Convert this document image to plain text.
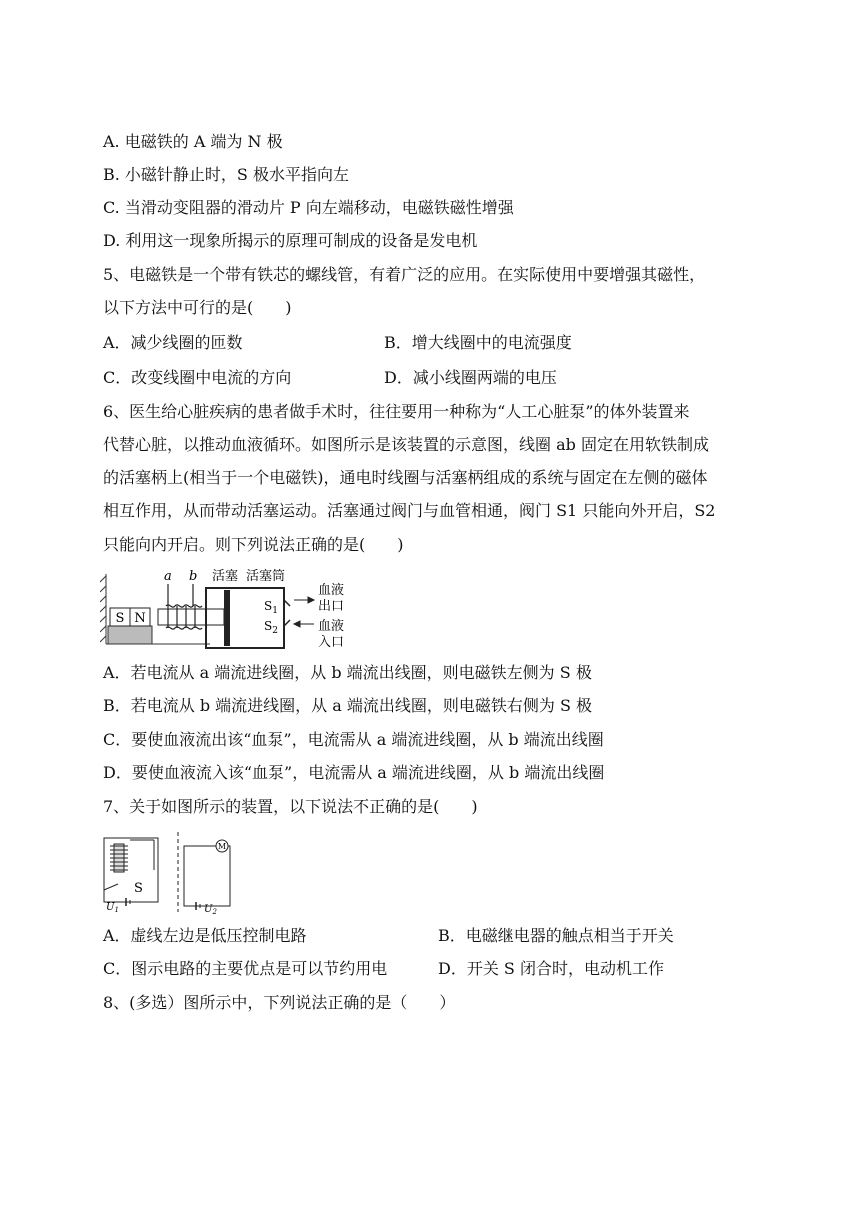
A. 电磁铁的 A 端为 N 极
B. 小磁针静止时，S 极水平指向左
C. 当滑动变阻器的滑动片 P 向左端移动，电磁铁磁性增强
D. 利用这一现象所揭示的原理可制成的设备是发电机
5、电磁铁是一个带有铁芯的螺线管，有着广泛的应用。在实际使用中要增强其磁性，
以下方法中可行的是(　　)
A．减少线圈的匝数	B．增大线圈中的电流强度
C．改变线圈中电流的方向	D．减小线圈两端的电压
6、医生给心脏疾病的患者做手术时，往往要用一种称为“人工心脏泵”的体外装置来
代替心脏，以推动血液循环。如图所示是该装置的示意图，线圈 ab 固定在用软铁制成
的活塞柄上(相当于一个电磁铁)，通电时线圈与活塞柄组成的系统与固定在左侧的磁体
相互作用，从而带动活塞运动。活塞通过阀门与血管相通，阀门 S1 只能向外开启，S2
只能向内开启。则下列说法正确的是(　　)
S N
a b 活塞 活塞筒
$S_1$
$S_2$
血液
出口
血液
入口
A．若电流从 a 端流进线圈，从 b 端流出线圈，则电磁铁左侧为 S 极
B．若电流从 b 端流进线圈，从 a 端流出线圈，则电磁铁右侧为 S 极
C．要使血液流出该“血泵”，电流需从 a 端流进线圈，从 b 端流出线圈
D．要使血液流入该“血泵”，电流需从 a 端流进线圈，从 b 端流出线圈
7、关于如图所示的装置，以下说法不正确的是(　　)
M
S
$U_1$	$U_2$
A．虚线左边是低压控制电路	B．电磁继电器的触点相当于开关
C．图示电路的主要优点是可以节约用电	D．开关 S 闭合时，电动机工作
8、(多选）图所示中，下列说法正确的是（　　）
